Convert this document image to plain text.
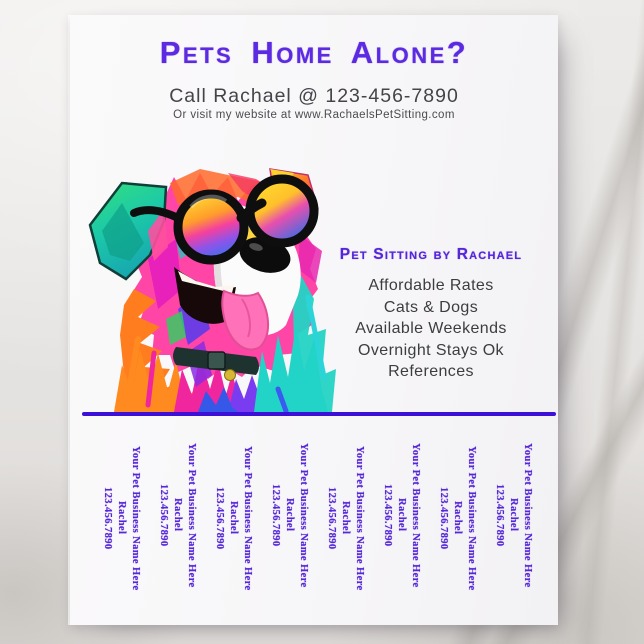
Pets Home Alone?
Call Rachael @ 123-456-7890
Or visit my website at www.RachaelsPetSitting.com
Pet Sitting by Rachael
Affordable Rates
Cats & Dogs
Available Weekends
Overnight Stays Ok
References
Your Pet Business Name Here
Rachel
123.456.7890	Your Pet Business Name Here
Rachel
123.456.7890	Your Pet Business Name Here
Rachel
123.456.7890	Your Pet Business Name Here
Rachel
123.456.7890	Your Pet Business Name Here
Rachel
123.456.7890	Your Pet Business Name Here
Rachel
123.456.7890	Your Pet Business Name Here
Rachel
123.456.7890	Your Pet Business Name Here
Rachel
123.456.7890
